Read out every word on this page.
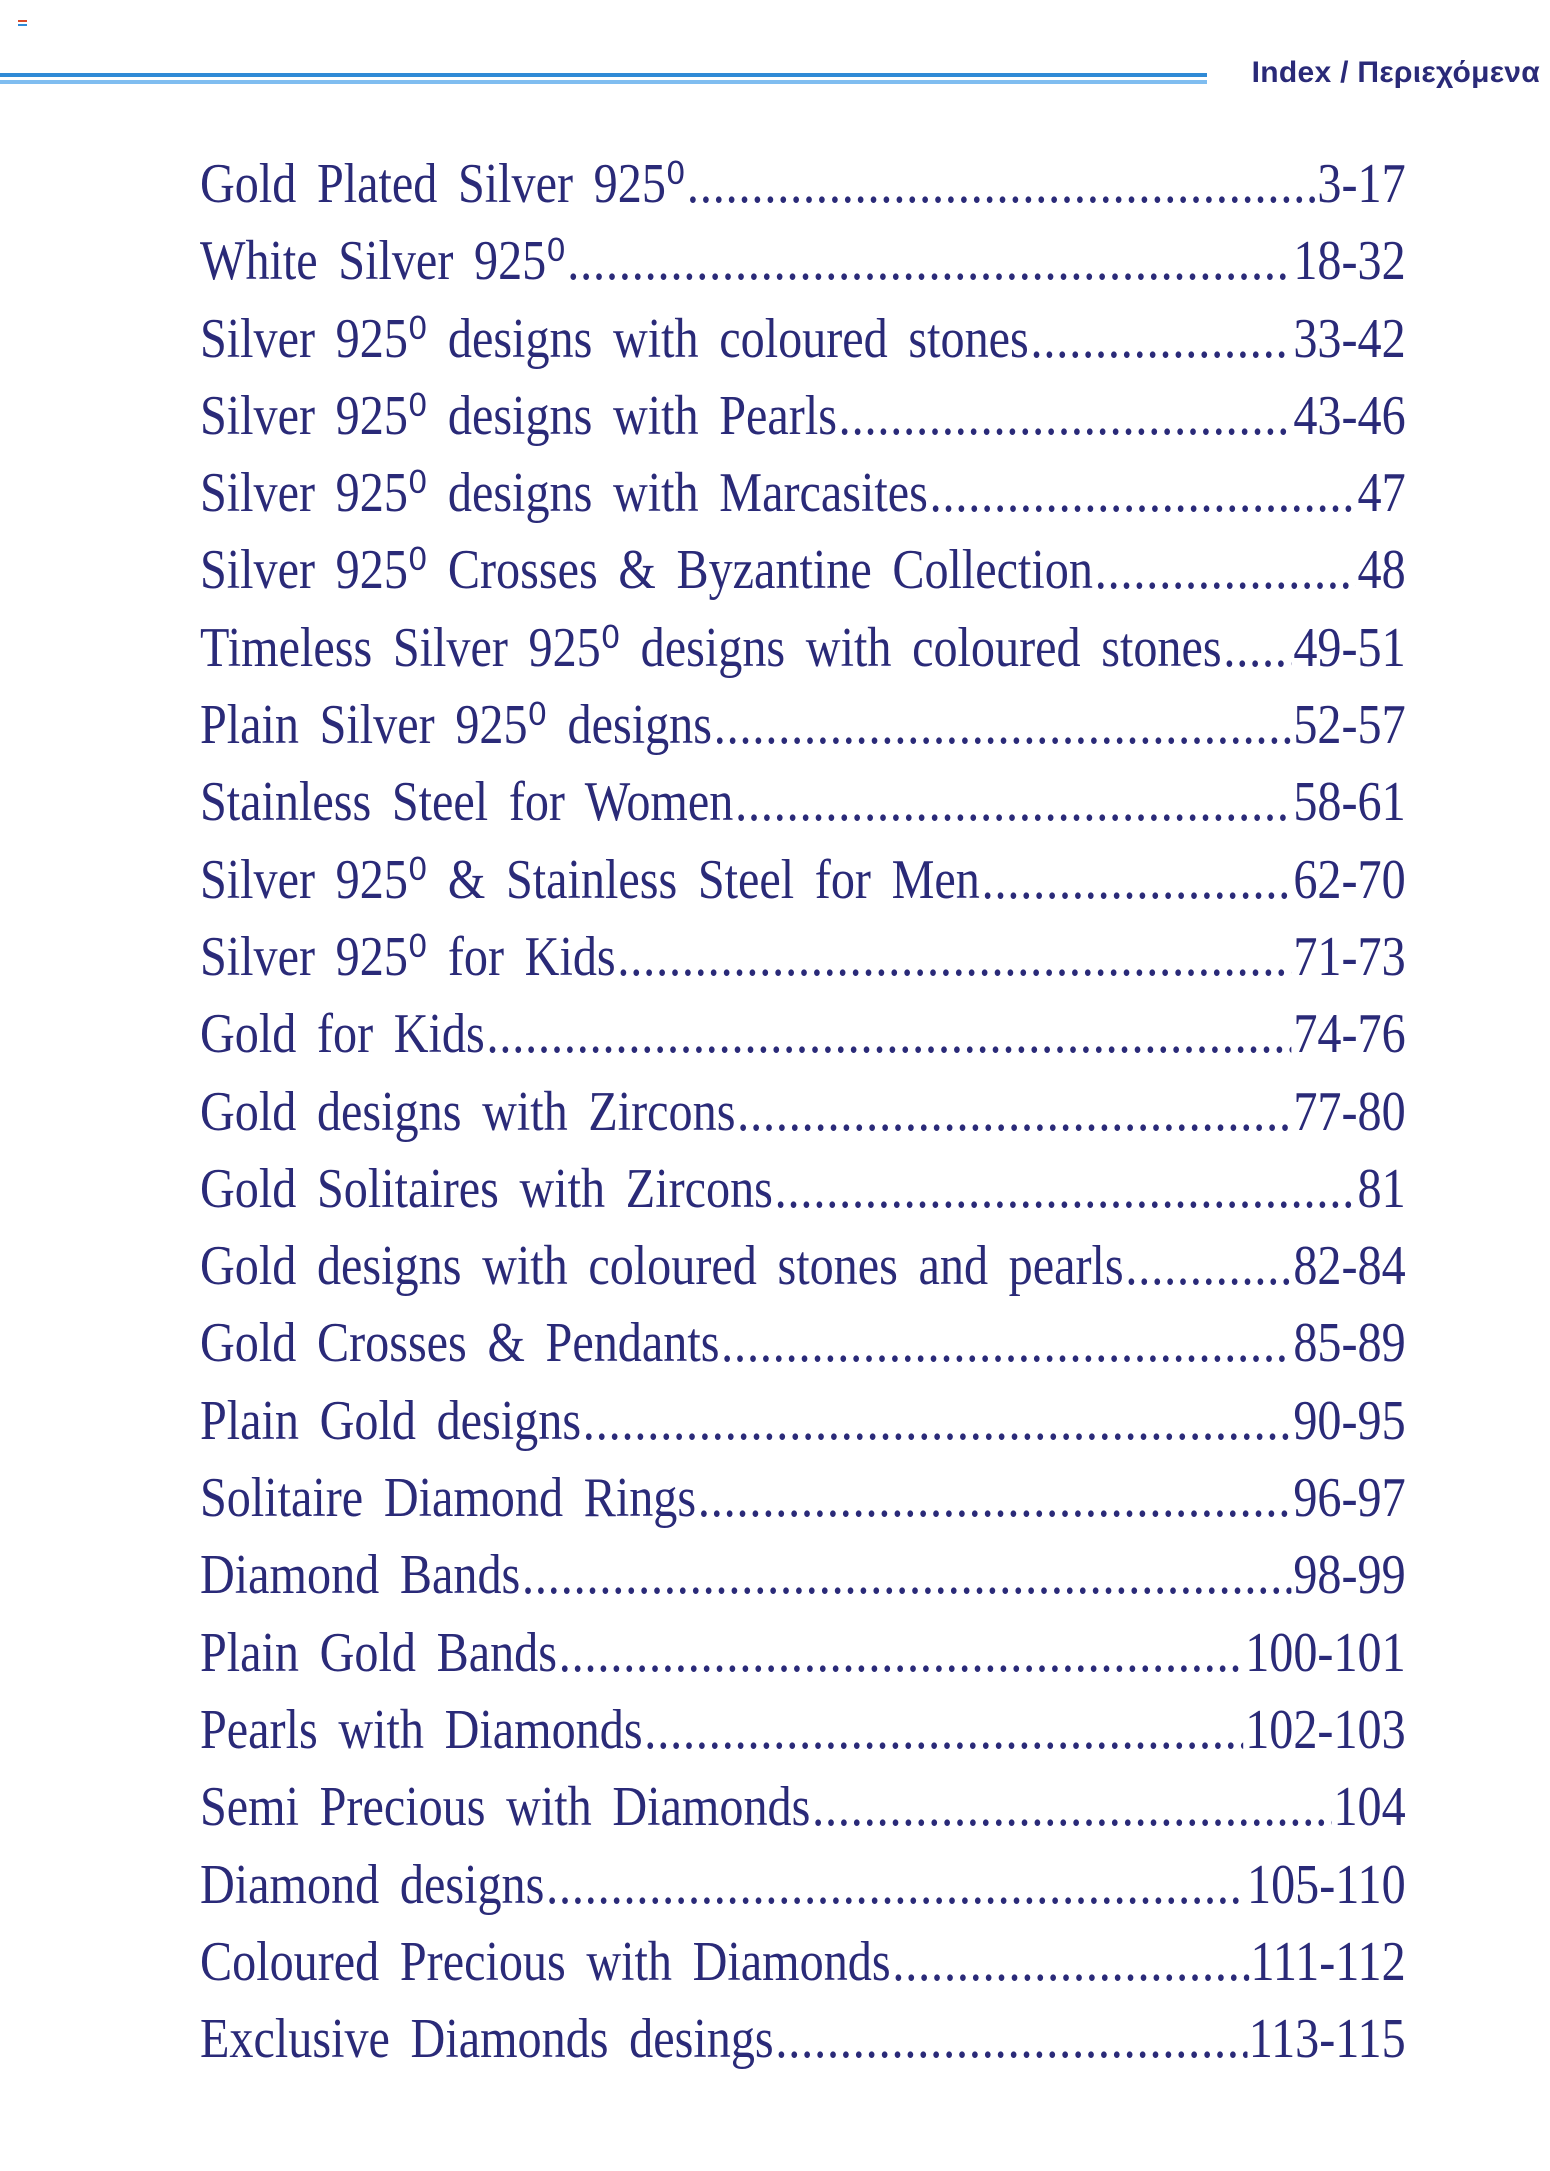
Index / Περιεχόμενα
Gold Plated Silver 925⁰ .....	3-17
White Silver 925⁰ .....	18-32
Silver 925⁰ designs with coloured stones .....	33-42
Silver 925⁰ designs with Pearls .....	43-46
Silver 925⁰ designs with Marcasites .....	47
Silver 925⁰ Crosses & Byzantine Collection .....	48
Timeless Silver 925⁰ designs with coloured stones ..... 49-51
Plain Silver 925⁰ designs .....	52-57
Stainless Steel for Women .....	58-61
Silver 925⁰ & Stainless Steel for Men .....	62-70
Silver 925⁰ for Kids .....	71-73
Gold for Kids .....	74-76
Gold designs with Zircons .....	77-80
Gold Solitaires with Zircons .....	81
Gold designs with coloured stones and pearls .....	82-84
Gold Crosses & Pendants .....	85-89
Plain Gold designs .....	90-95
Solitaire Diamond Rings .....	96-97
Diamond Bands .....	98-99
Plain Gold Bands .....	100-101
Pearls with Diamonds .....	102-103
Semi Precious with Diamonds .....	104
Diamond designs .....	105-110
Coloured Precious with Diamonds .....	111-112
Exclusive Diamonds desings .....	113-115
